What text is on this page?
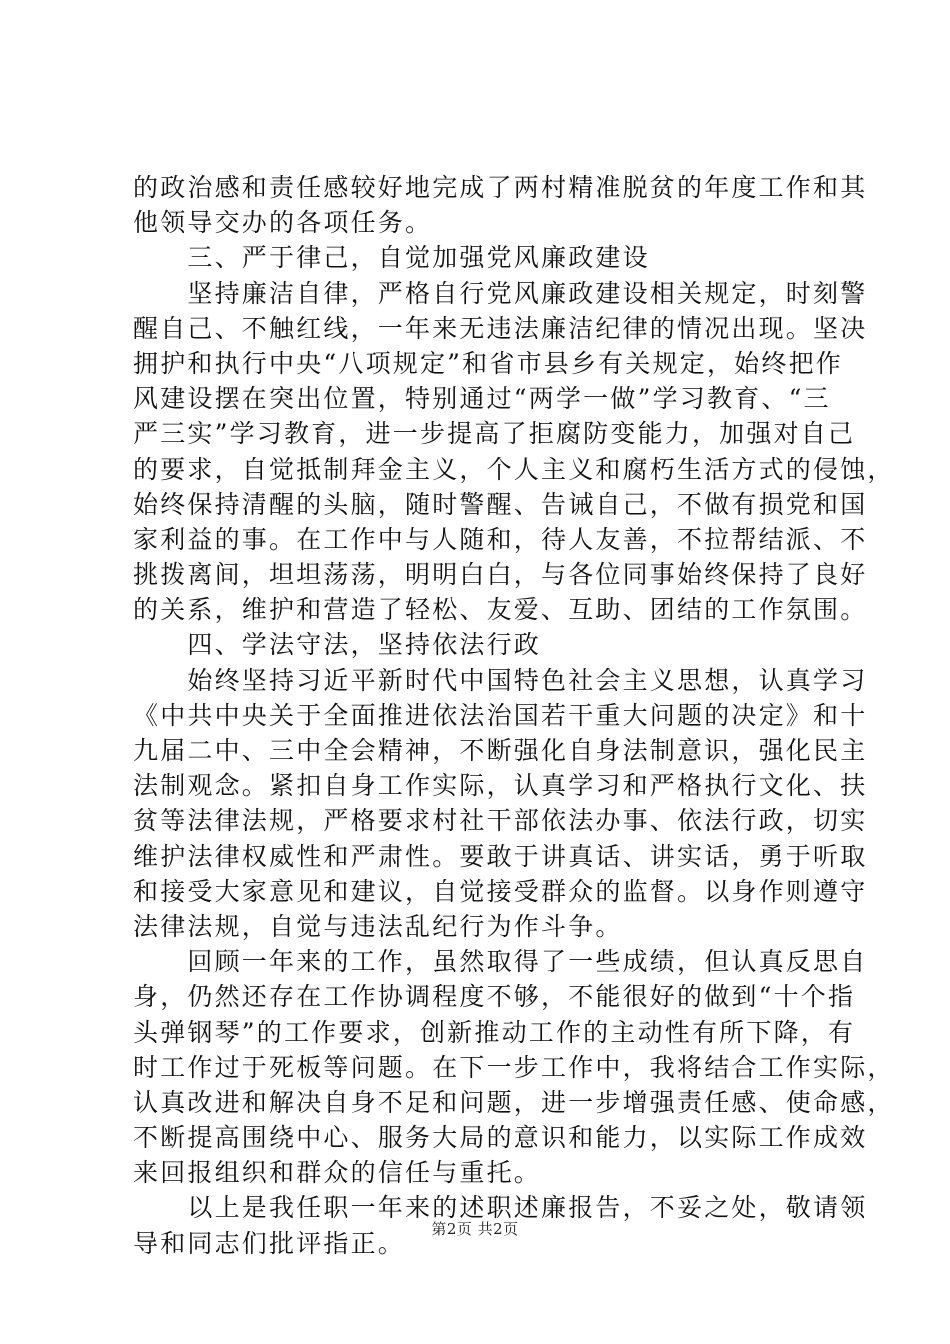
的政治感和责任感较好地完成了两村精准脱贫的年度工作和其
他领导交办的各项任务。
　　三、严于律己，自觉加强党风廉政建设
　　坚持廉洁自律，严格自行党风廉政建设相关规定，时刻警
醒自己、不触红线，一年来无违法廉洁纪律的情况出现。坚决
拥护和执行中央“八项规定”和省市县乡有关规定，始终把作
风建设摆在突出位置，特别通过“两学一做”学习教育、“三
严三实”学习教育，进一步提高了拒腐防变能力，加强对自己
的要求，自觉抵制拜金主义，个人主义和腐朽生活方式的侵蚀，
始终保持清醒的头脑，随时警醒、告诫自己，不做有损党和国
家利益的事。在工作中与人随和，待人友善，不拉帮结派、不
挑拨离间，坦坦荡荡，明明白白，与各位同事始终保持了良好
的关系，维护和营造了轻松、友爱、互助、团结的工作氛围。
　　四、学法守法，坚持依法行政
　　始终坚持习近平新时代中国特色社会主义思想，认真学习
《中共中央关于全面推进依法治国若干重大问题的决定》和十
九届二中、三中全会精神，不断强化自身法制意识，强化民主
法制观念。紧扣自身工作实际，认真学习和严格执行文化、扶
贫等法律法规，严格要求村社干部依法办事、依法行政，切实
维护法律权威性和严肃性。要敢于讲真话、讲实话，勇于听取
和接受大家意见和建议，自觉接受群众的监督。以身作则遵守
法律法规，自觉与违法乱纪行为作斗争。
　　回顾一年来的工作，虽然取得了一些成绩，但认真反思自
身，仍然还存在工作协调程度不够，不能很好的做到“十个指
头弹钢琴”的工作要求，创新推动工作的主动性有所下降，有
时工作过于死板等问题。在下一步工作中，我将结合工作实际，
认真改进和解决自身不足和问题，进一步增强责任感、使命感，
不断提高围绕中心、服务大局的意识和能力，以实际工作成效
来回报组织和群众的信任与重托。
　　以上是我任职一年来的述职述廉报告，不妥之处，敬请领
导和同志们批评指正。	第2页 共2页
